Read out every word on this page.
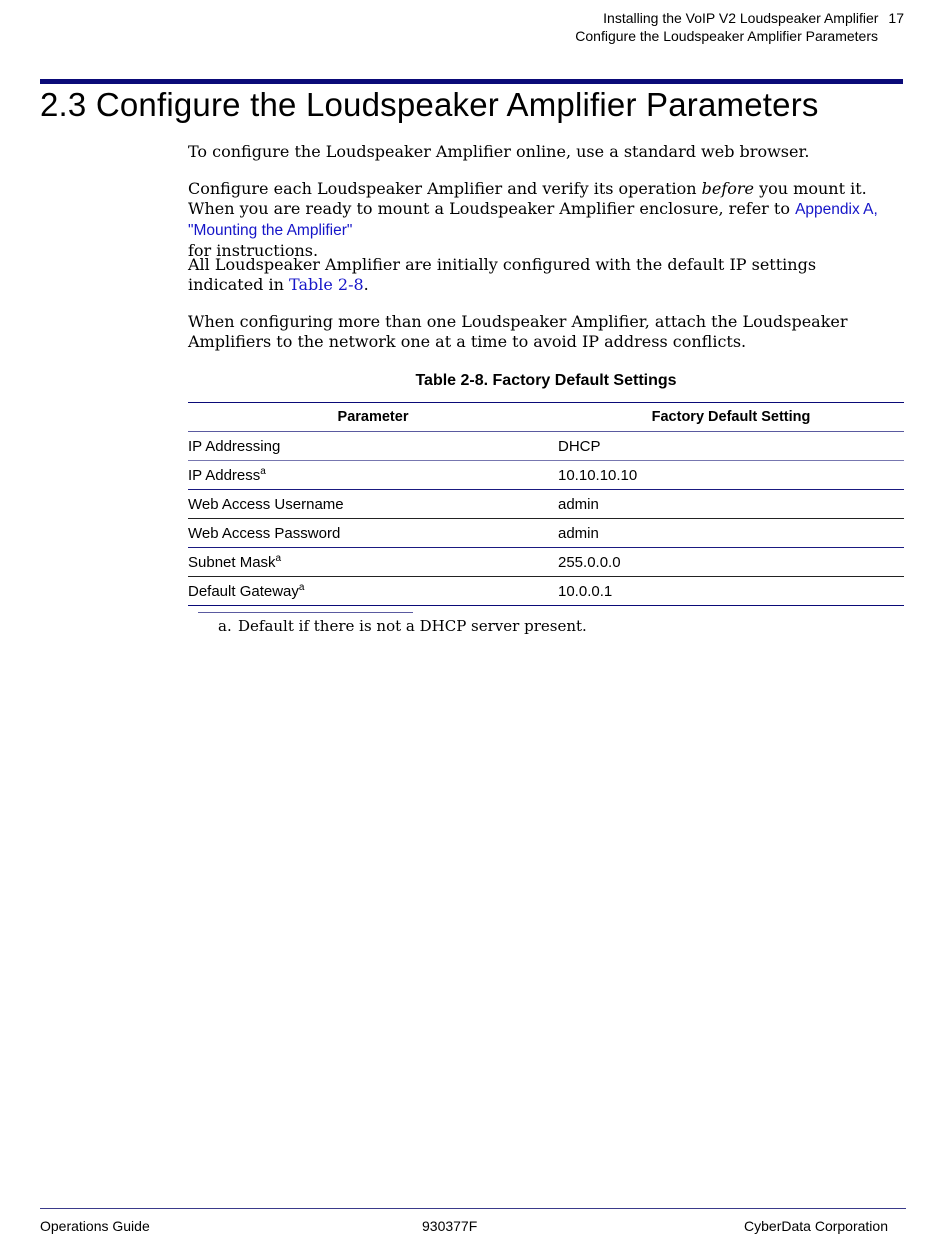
Installing the VoIP V2 Loudspeaker Amplifier 17
Configure the Loudspeaker Amplifier Parameters
2.3 Configure the Loudspeaker Amplifier Parameters

To configure the Loudspeaker Amplifier online, use a standard web browser.

Configure each Loudspeaker Amplifier and verify its operation before you mount it. When you are ready to mount a Loudspeaker Amplifier enclosure, refer to Appendix A, "Mounting the Amplifier"
for instructions.

All Loudspeaker Amplifier are initially configured with the default IP settings indicated in Table 2-8.

When configuring more than one Loudspeaker Amplifier, attach the Loudspeaker Amplifiers to the network one at a time to avoid IP address conflicts.

Table 2-8. Factory Default Settings
Parameter	Factory Default Setting
IP Addressing	DHCP
IP Address$^a$	10.10.10.10
Web Access Username	admin
Web Access Password	admin
Subnet Mask$^a$	255.0.0.0
Default Gateway$^a$	10.0.0.1
a. Default if there is not a DHCP server present.
Operations Guide	930377F	CyberData Corporation
